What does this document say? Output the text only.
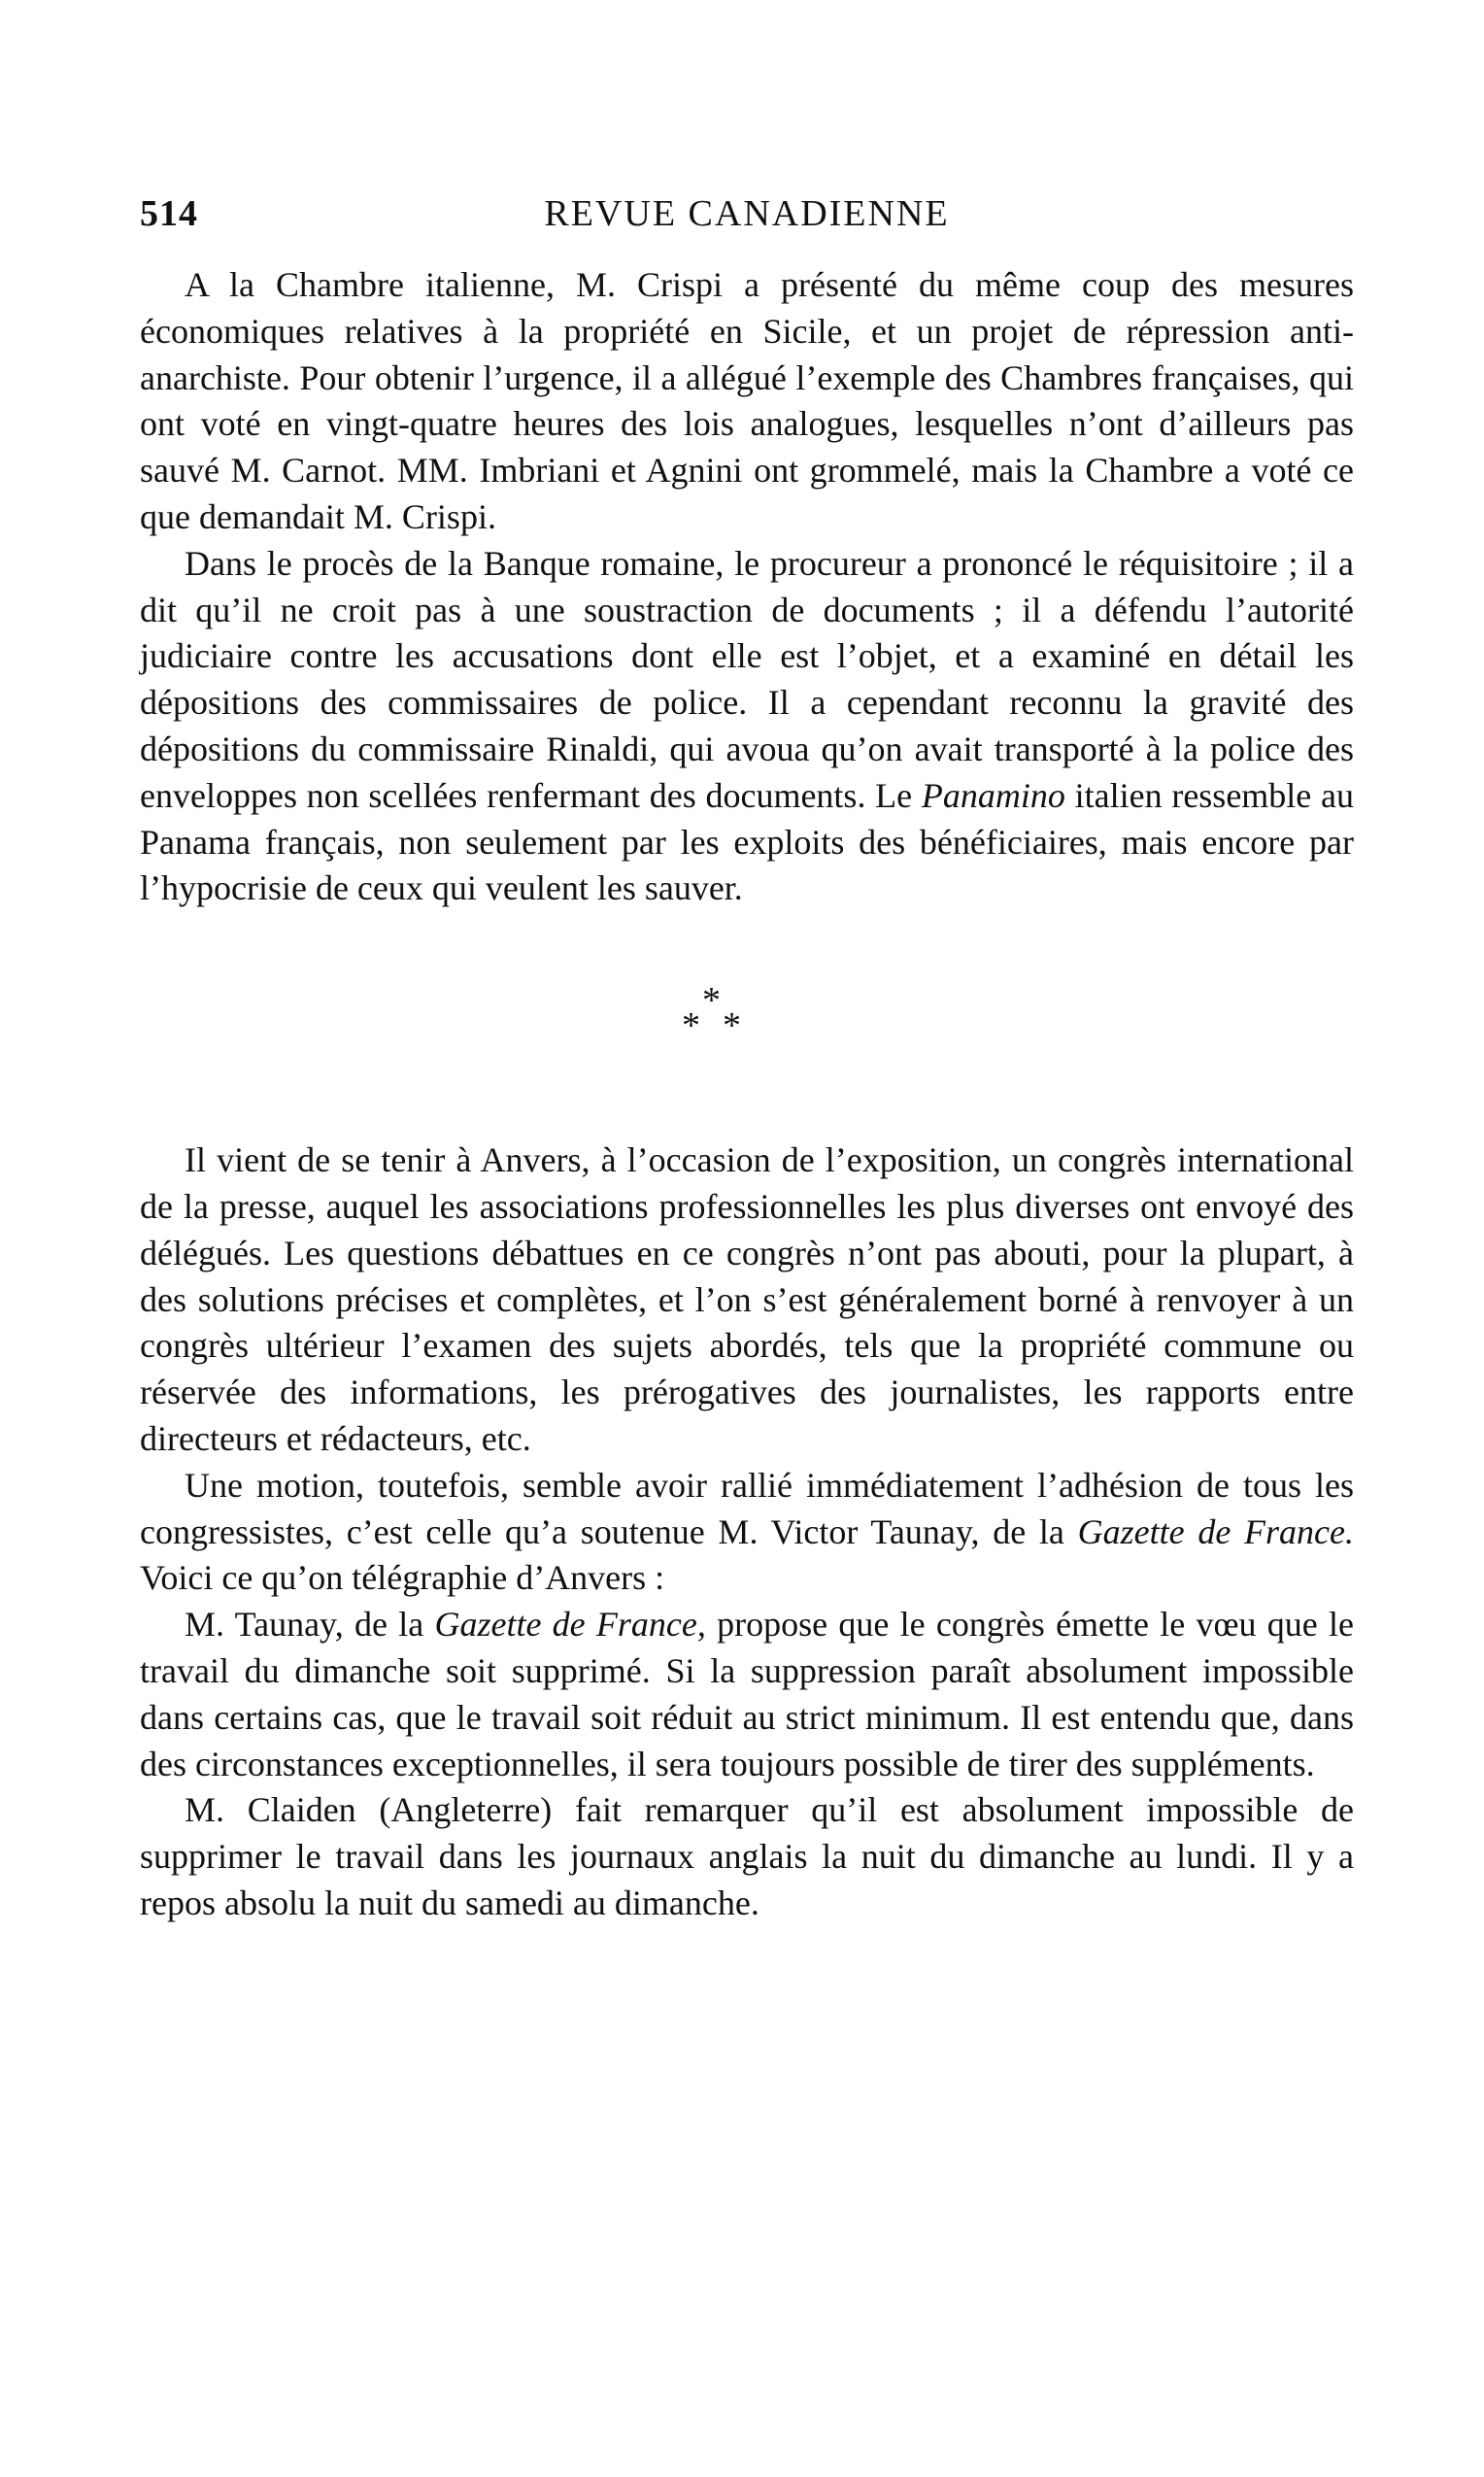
514	REVUE CANADIENNE

A la Chambre italienne, M. Crispi a présenté du même coup des mesures économiques relatives à la propriété en Sicile, et un projet de répression anti-anarchiste. Pour obtenir l’urgence, il a allégué l’exemple des Chambres françaises, qui ont voté en vingt-quatre heures des lois analogues, lesquelles n’ont d’ailleurs pas sauvé M. Carnot. MM. Imbriani et Agnini ont grommelé, mais la Chambre a voté ce que demandait M. Crispi.

Dans le procès de la Banque romaine, le procureur a prononcé le réquisitoire ; il a dit qu’il ne croit pas à une soustraction de documents ; il a défendu l’autorité judiciaire contre les accusations dont elle est l’objet, et a examiné en détail les dépositions des commissaires de police. Il a cependant reconnu la gravité des dépositions du commissaire Rinaldi, qui avoua qu’on avait transporté à la police des enveloppes non scellées renfermant des documents. Le Panamino italien ressemble au Panama français, non seulement par les exploits des bénéficiaires, mais encore par l’hypocrisie de ceux qui veulent les sauver.

*
* *

Il vient de se tenir à Anvers, à l’occasion de l’exposition, un congrès international de la presse, auquel les associations professionnelles les plus diverses ont envoyé des délégués. Les questions débattues en ce congrès n’ont pas abouti, pour la plupart, à des solutions précises et complètes, et l’on s’est généralement borné à renvoyer à un congrès ultérieur l’examen des sujets abordés, tels que la propriété commune ou réservée des informations, les prérogatives des journalistes, les rapports entre directeurs et rédacteurs, etc.

Une motion, toutefois, semble avoir rallié immédiatement l’adhésion de tous les congressistes, c’est celle qu’a soutenue M. Victor Taunay, de la Gazette de France. Voici ce qu’on télégraphie d’Anvers :

M. Taunay, de la Gazette de France, propose que le congrès émette le vœu que le travail du dimanche soit supprimé. Si la suppression paraît absolument impossible dans certains cas, que le travail soit réduit au strict minimum. Il est entendu que, dans des circonstances exceptionnelles, il sera toujours possible de tirer des suppléments.

M. Claiden (Angleterre) fait remarquer qu’il est absolument impossible de supprimer le travail dans les journaux anglais la nuit du dimanche au lundi. Il y a repos absolu la nuit du samedi au dimanche.
